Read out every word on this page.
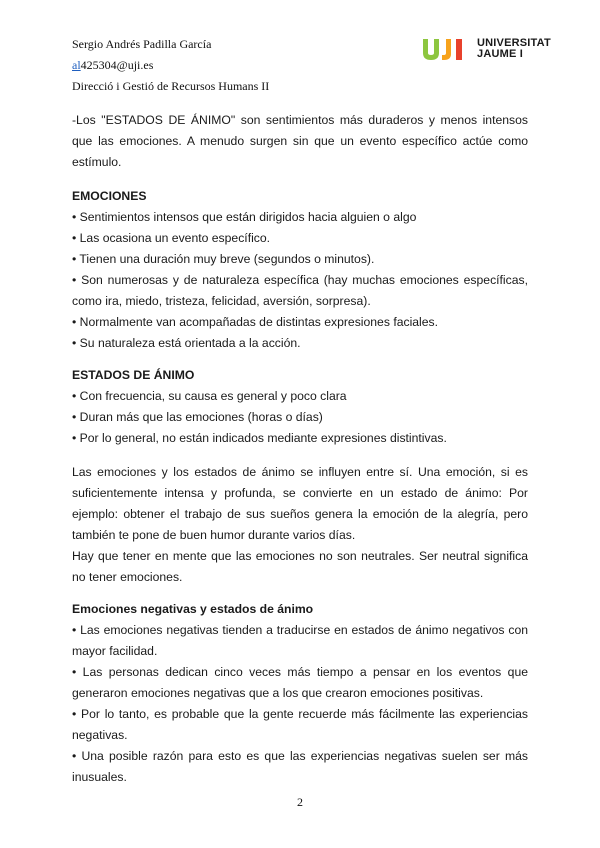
Sergio Andrés Padilla García
al425304@uji.es
Direcció i Gestió de Recursos Humans II
UNIVERSITAT
JAUME I

-Los "ESTADOS DE ÁNIMO" son sentimientos más duraderos y menos intensos que las emociones. A menudo surgen sin que un evento específico actúe como estímulo.

EMOCIONES

• Sentimientos intensos que están dirigidos hacia alguien o algo

• Las ocasiona un evento específico.

• Tienen una duración muy breve (segundos o minutos).

• Son numerosas y de naturaleza específica (hay muchas emociones específicas, como ira, miedo, tristeza, felicidad, aversión, sorpresa).

• Normalmente van acompañadas de distintas expresiones faciales.

• Su naturaleza está orientada a la acción.

ESTADOS DE ÁNIMO

• Con frecuencia, su causa es general y poco clara

• Duran más que las emociones (horas o días)

• Por lo general, no están indicados mediante expresiones distintivas.

Las emociones y los estados de ánimo se influyen entre sí. Una emoción, si es suficientemente intensa y profunda, se convierte en un estado de ánimo: Por ejemplo: obtener el trabajo de sus sueños genera la emoción de la alegría, pero también te pone de buen humor durante varios días.

Hay que tener en mente que las emociones no son neutrales. Ser neutral significa no tener emociones.

Emociones negativas y estados de ánimo

• Las emociones negativas tienden a traducirse en estados de ánimo negativos con mayor facilidad.

• Las personas dedican cinco veces más tiempo a pensar en los eventos que generaron emociones negativas que a los que crearon emociones positivas.

• Por lo tanto, es probable que la gente recuerde más fácilmente las experiencias negativas.

• Una posible razón para esto es que las experiencias negativas suelen ser más inusuales.

2
